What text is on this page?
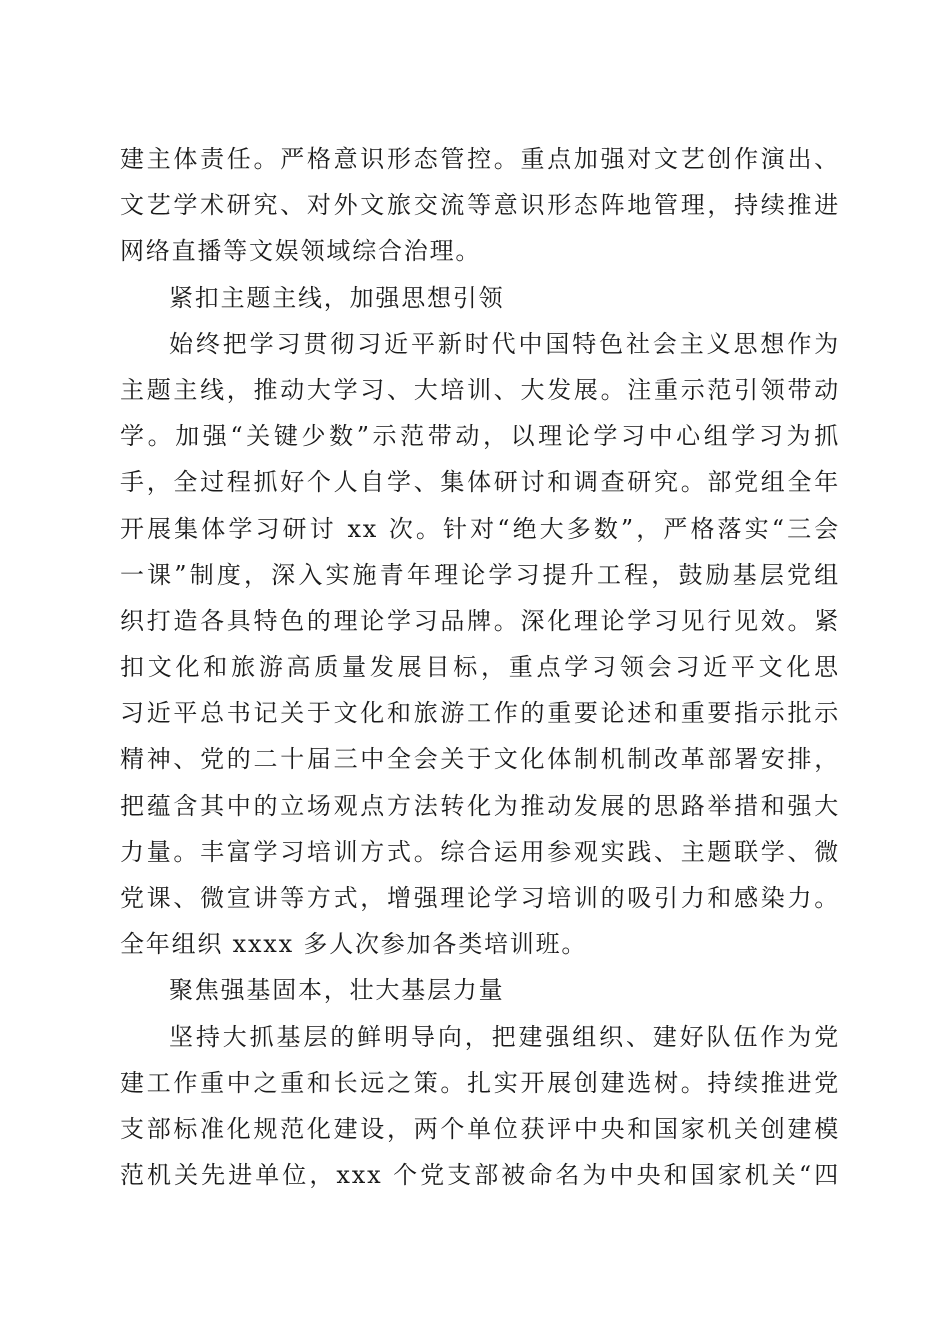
建主体责任。严格意识形态管控。重点加强对文艺创作演出、
文艺学术研究、对外文旅交流等意识形态阵地管理，持续推进
网络直播等文娱领域综合治理。
紧扣主题主线，加强思想引领
始终把学习贯彻习近平新时代中国特色社会主义思想作为
主题主线，推动大学习、大培训、大发展。注重示范引领带动
学。加强“关键少数”示范带动，以理论学习中心组学习为抓
手，全过程抓好个人自学、集体研讨和调查研究。部党组全年
开展集体学习研讨 xx 次。针对“绝大多数”，严格落实“三会
一课”制度，深入实施青年理论学习提升工程，鼓励基层党组
织打造各具特色的理论学习品牌。深化理论学习见行见效。紧
扣文化和旅游高质量发展目标，重点学习领会习近平文化思
习近平总书记关于文化和旅游工作的重要论述和重要指示批示
精神、党的二十届三中全会关于文化体制机制改革部署安排，
把蕴含其中的立场观点方法转化为推动发展的思路举措和强大
力量。丰富学习培训方式。综合运用参观实践、主题联学、微
党课、微宣讲等方式，增强理论学习培训的吸引力和感染力。
全年组织 xxxx 多人次参加各类培训班。
聚焦强基固本，壮大基层力量
坚持大抓基层的鲜明导向，把建强组织、建好队伍作为党
建工作重中之重和长远之策。扎实开展创建选树。持续推进党
支部标准化规范化建设，两个单位获评中央和国家机关创建模
范机关先进单位，xxx 个党支部被命名为中央和国家机关“四
